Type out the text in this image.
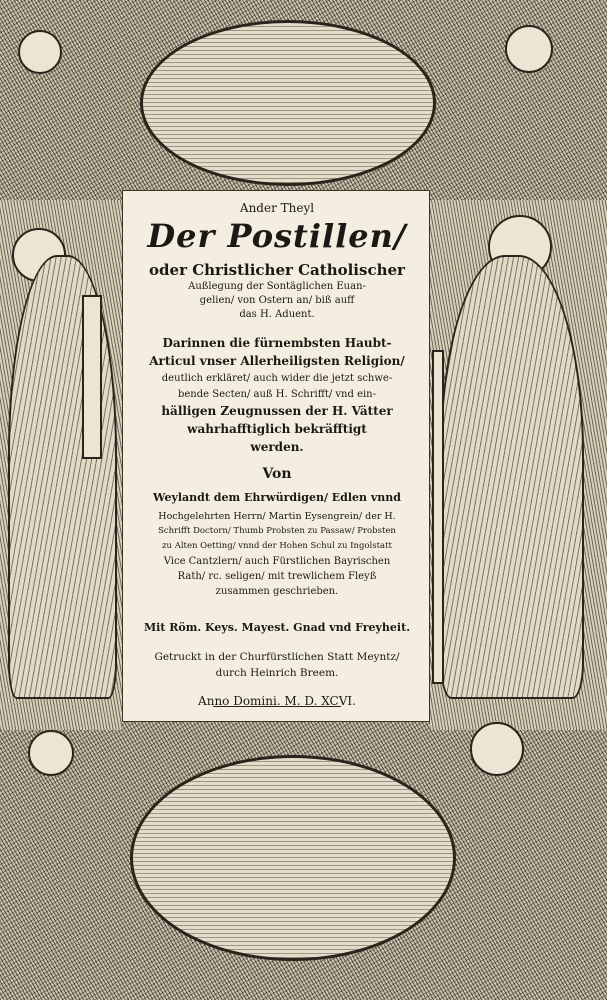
Ander Theyl
Der Postillen/
oder Christlicher Catholischer
Außlegung der Sontäglichen Euan-
gelien/ von Ostern an/ biß auff
das H. Aduent.
Darinnen die fürnembsten Haubt-
Articul vnser Allerheiligsten Religion/
deutlich erkläret/ auch wider die jetzt schwe-
bende Secten/ auß H. Schrifft/ vnd ein-
hälligen Zeugnussen der H. Vätter
wahrhafftiglich bekräfftigt
werden.
Von
Weylandt dem Ehrwürdigen/ Edlen vnnd
Hochgelehrten Herrn/ Martin Eysengrein/ der H.
Schrifft Doctorn/ Thumb Probsten zu Passaw/ Probsten
zu Alten Oetting/ vnnd der Hohen Schul zu Ingolstatt
Vice Cantzlern/ auch Fürstlichen Bayrischen
Rath/ rc. seligen/ mit trewlichem Fleyß
zusammen geschrieben.
Mit Röm. Keys. Mayest. Gnad vnd Freyheit.
Getruckt in der Churfürstlichen Statt Meyntz/
durch Heinrich Breem.
Anno Domini. M. D. XCVI.
